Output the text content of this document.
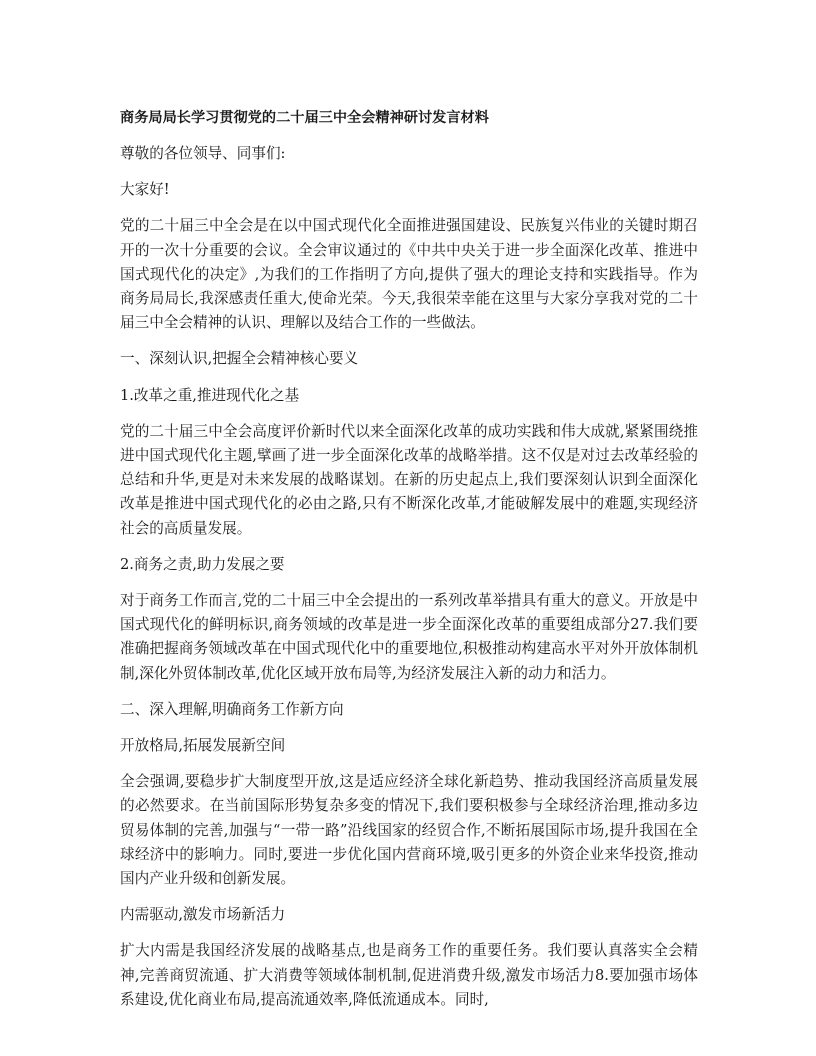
商务局局长学习贯彻党的二十届三中全会精神研讨发言材料
尊敬的各位领导、同事们:
大家好!
党的二十届三中全会是在以中国式现代化全面推进强国建设、民族复兴伟业的关键时期召开的一次十分重要的会议。全会审议通过的《中共中央关于进一步全面深化改革、推进中国式现代化的决定》,为我们的工作指明了方向,提供了强大的理论支持和实践指导。作为商务局局长,我深感责任重大,使命光荣。今天,我很荣幸能在这里与大家分享我对党的二十届三中全会精神的认识、理解以及结合工作的一些做法。
一、深刻认识,把握全会精神核心要义
1.改革之重,推进现代化之基
党的二十届三中全会高度评价新时代以来全面深化改革的成功实践和伟大成就,紧紧围绕推进中国式现代化主题,擘画了进一步全面深化改革的战略举措。这不仅是对过去改革经验的总结和升华,更是对未来发展的战略谋划。在新的历史起点上,我们要深刻认识到全面深化改革是推进中国式现代化的必由之路,只有不断深化改革,才能破解发展中的难题,实现经济社会的高质量发展。
2.商务之责,助力发展之要
对于商务工作而言,党的二十届三中全会提出的一系列改革举措具有重大的意义。开放是中国式现代化的鲜明标识,商务领域的改革是进一步全面深化改革的重要组成部分27.我们要准确把握商务领域改革在中国式现代化中的重要地位,积极推动构建高水平对外开放体制机制,深化外贸体制改革,优化区域开放布局等,为经济发展注入新的动力和活力。
二、深入理解,明确商务工作新方向
开放格局,拓展发展新空间
全会强调,要稳步扩大制度型开放,这是适应经济全球化新趋势、推动我国经济高质量发展的必然要求。在当前国际形势复杂多变的情况下,我们要积极参与全球经济治理,推动多边贸易体制的完善,加强与“一带一路”沿线国家的经贸合作,不断拓展国际市场,提升我国在全球经济中的影响力。同时,要进一步优化国内营商环境,吸引更多的外资企业来华投资,推动国内产业升级和创新发展。
内需驱动,激发市场新活力
扩大内需是我国经济发展的战略基点,也是商务工作的重要任务。我们要认真落实全会精神,完善商贸流通、扩大消费等领域体制机制,促进消费升级,激发市场活力8.要加强市场体系建设,优化商业布局,提高流通效率,降低流通成本。同时,
